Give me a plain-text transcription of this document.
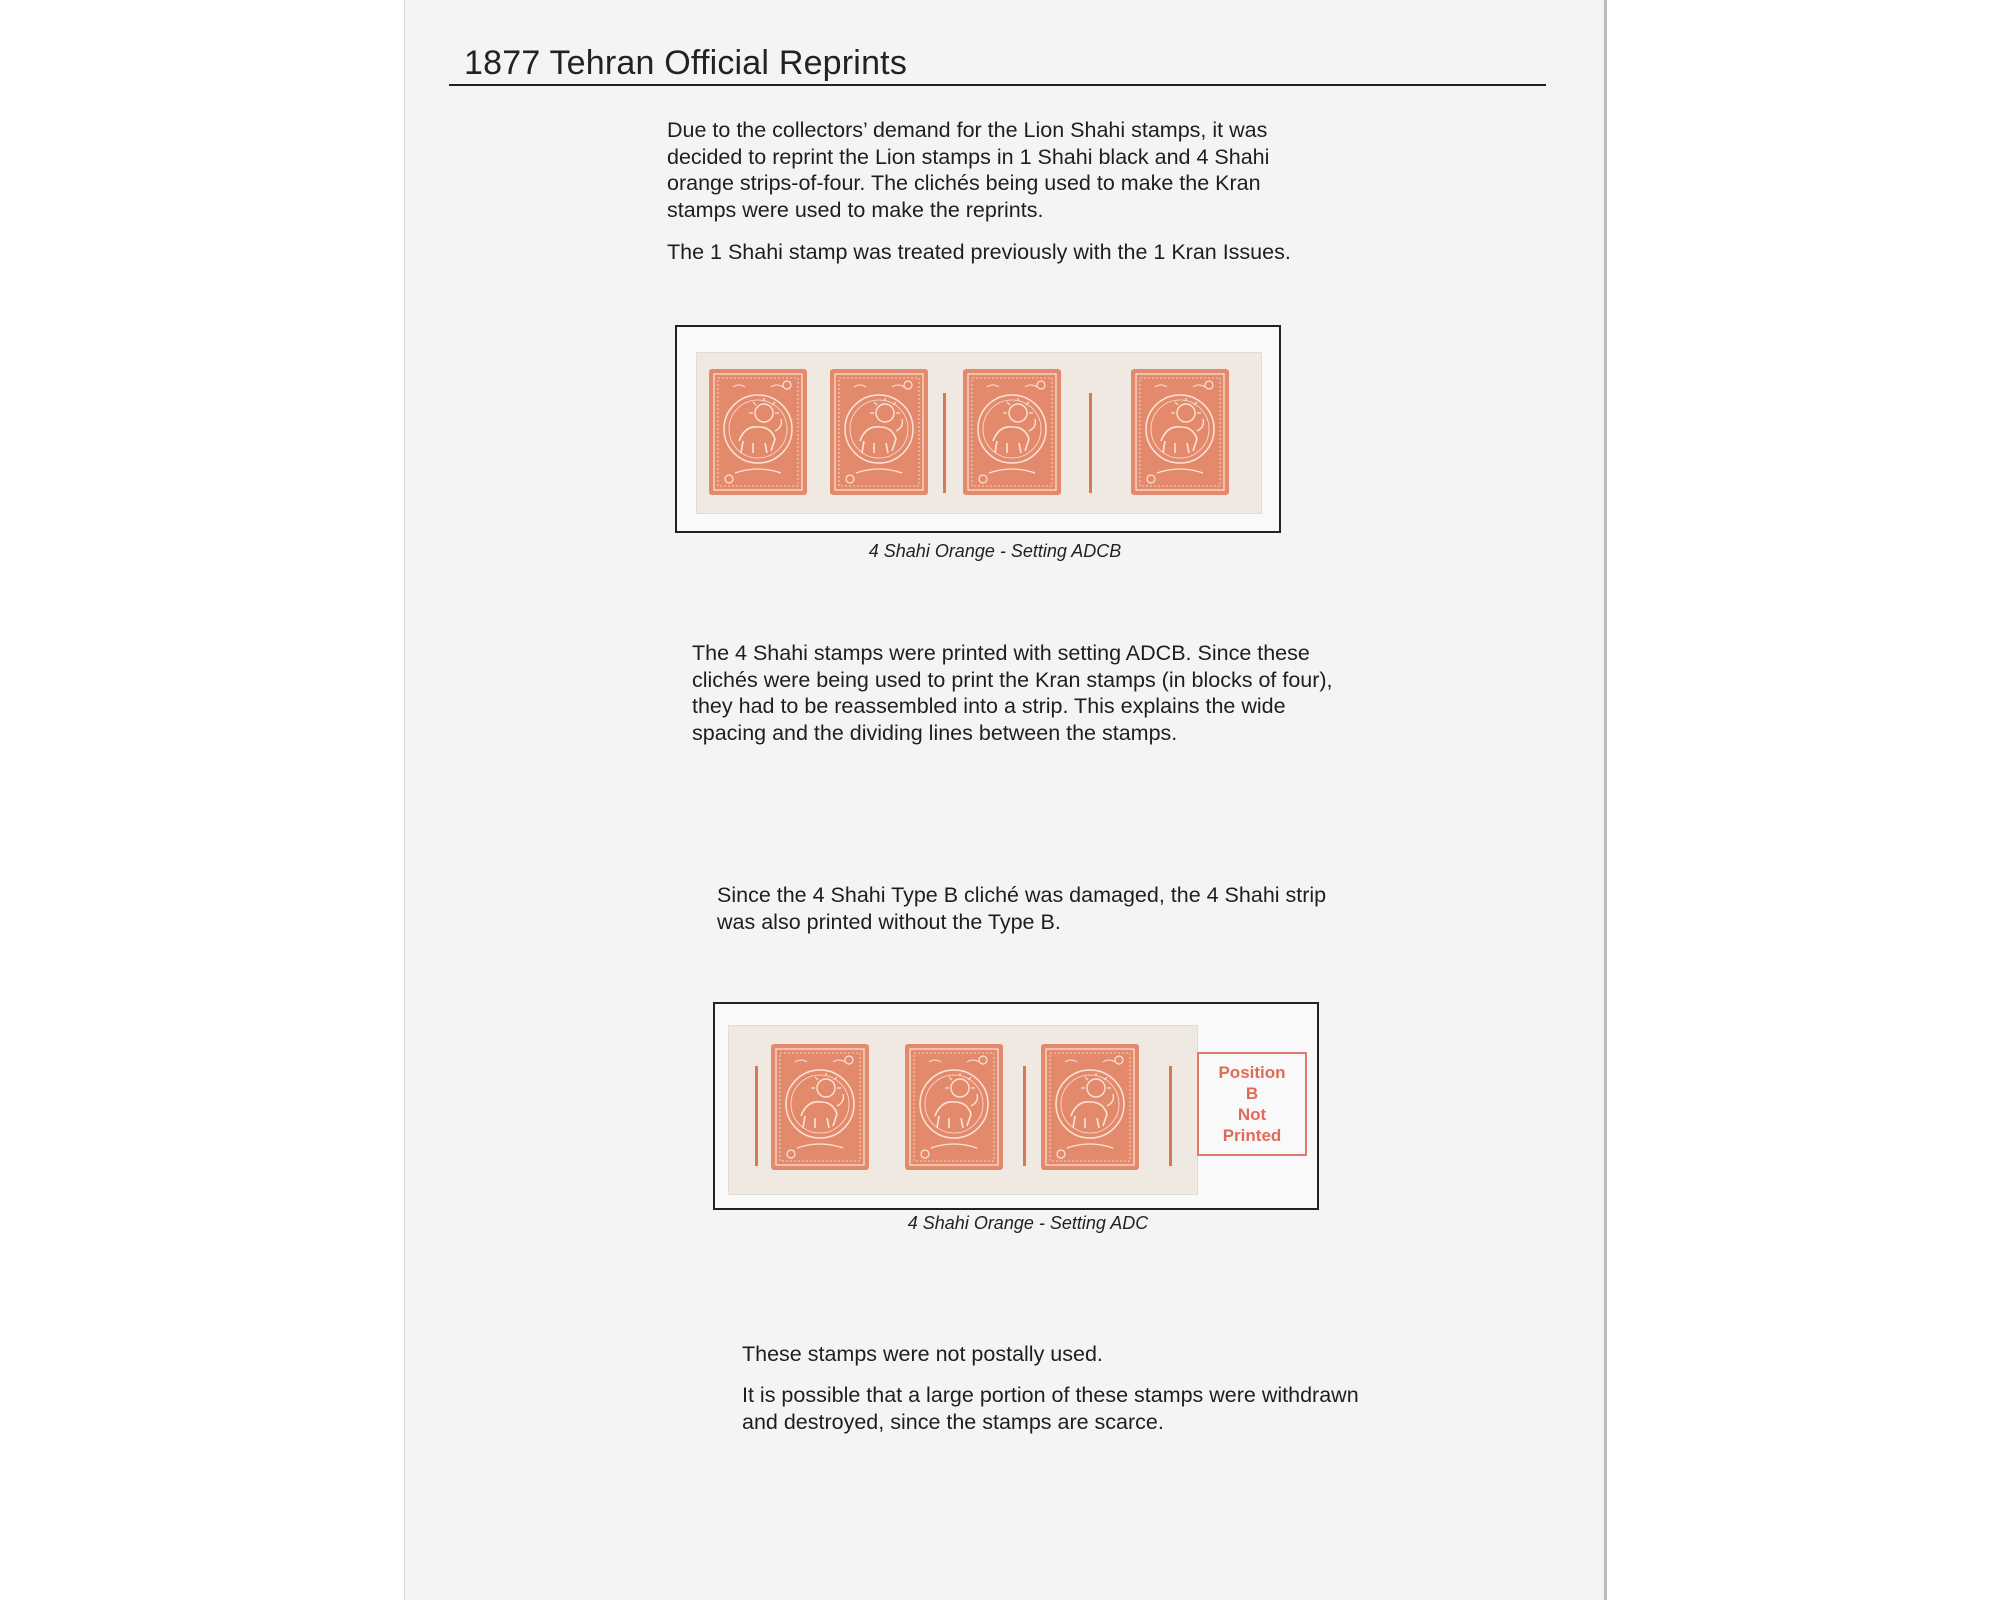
1877 Tehran Official Reprints
Due to the collectors’ demand for the Lion Shahi stamps, it was
decided to reprint the Lion stamps in 1 Shahi black and 4 Shahi
orange strips-of-four. The clichés being used to make the Kran
stamps were used to make the reprints.
The 1 Shahi stamp was treated previously with the 1 Kran Issues.
4 Shahi Orange - Setting ADCB
The 4 Shahi stamps were printed with setting ADCB. Since these
clichés were being used to print the Kran stamps (in blocks of four),
they had to be reassembled into a strip. This explains the wide
spacing and the dividing lines between the stamps.
Since the 4 Shahi Type B cliché was damaged, the 4 Shahi strip
was also printed without the Type B.
Position
B
Not
Printed
4 Shahi Orange - Setting ADC
These stamps were not postally used.
It is possible that a large portion of these stamps were withdrawn
and destroyed, since the stamps are scarce.
